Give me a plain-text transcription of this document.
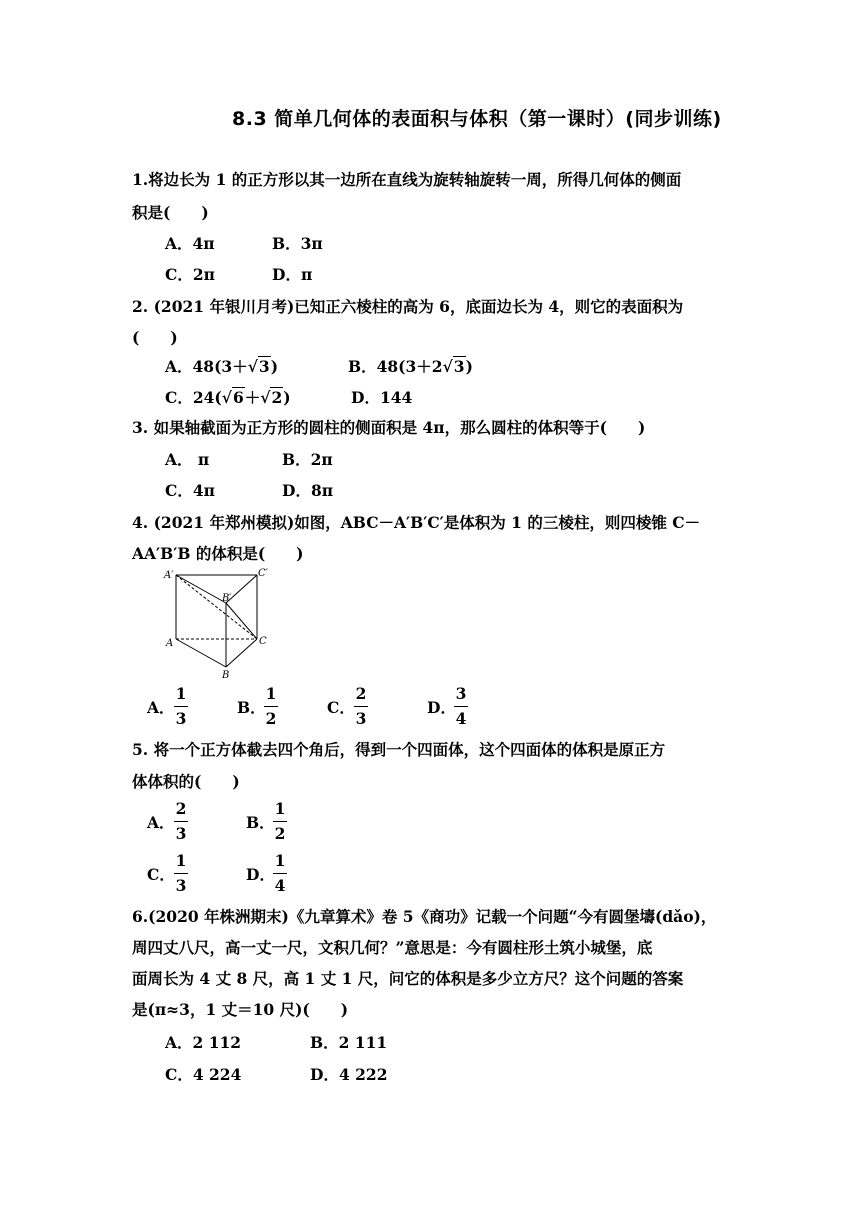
8.3 简单几何体的表面积与体积（第一课时）(同步训练)
1.将边长为 1 的正方形以其一边所在直线为旋转轴旋转一周，所得几何体的侧面
积是(　　)
A．4π	B．3π
C．2π	D．π
2. (2021 年银川月考)已知正六棱柱的高为 6，底面边长为 4，则它的表面积为
(　　)
A．48(3＋√3)	B．48(3＋2√3)
C．24(√6＋√2)	D．144
3. 如果轴截面为正方形的圆柱的侧面积是 4π，那么圆柱的体积等于(　　)
A． π	B．2π
C．4π	D．8π
4. (2021 年郑州模拟)如图，ABC－A′B′C′是体积为 1 的三棱柱，则四棱锥 C－
AA′B′B 的体积是(　　)
A′	C′
B′
A	C
B
A．
1
3
B．
1
2
C．
2
3
D．
3
4
5. 将一个正方体截去四个角后，得到一个四面体，这个四面体的体积是原正方
体体积的(　　)
A．
2
3
B．
1
2
C．
1
3
D．
1
4
6.(2020 年株洲期末)《九章算术》卷 5《商功》记载一个问题“今有圆堡壔(dǎo)，
周四丈八尺，高一丈一尺，文积几何？”意思是：今有圆柱形土筑小城堡，底
面周长为 4 丈 8 尺，高 1 丈 1 尺，问它的体积是多少立方尺？这个问题的答案
是(π≈3，1 丈＝10 尺)(　　)
A．2 112	B．2 111
C．4 224	D．4 222
